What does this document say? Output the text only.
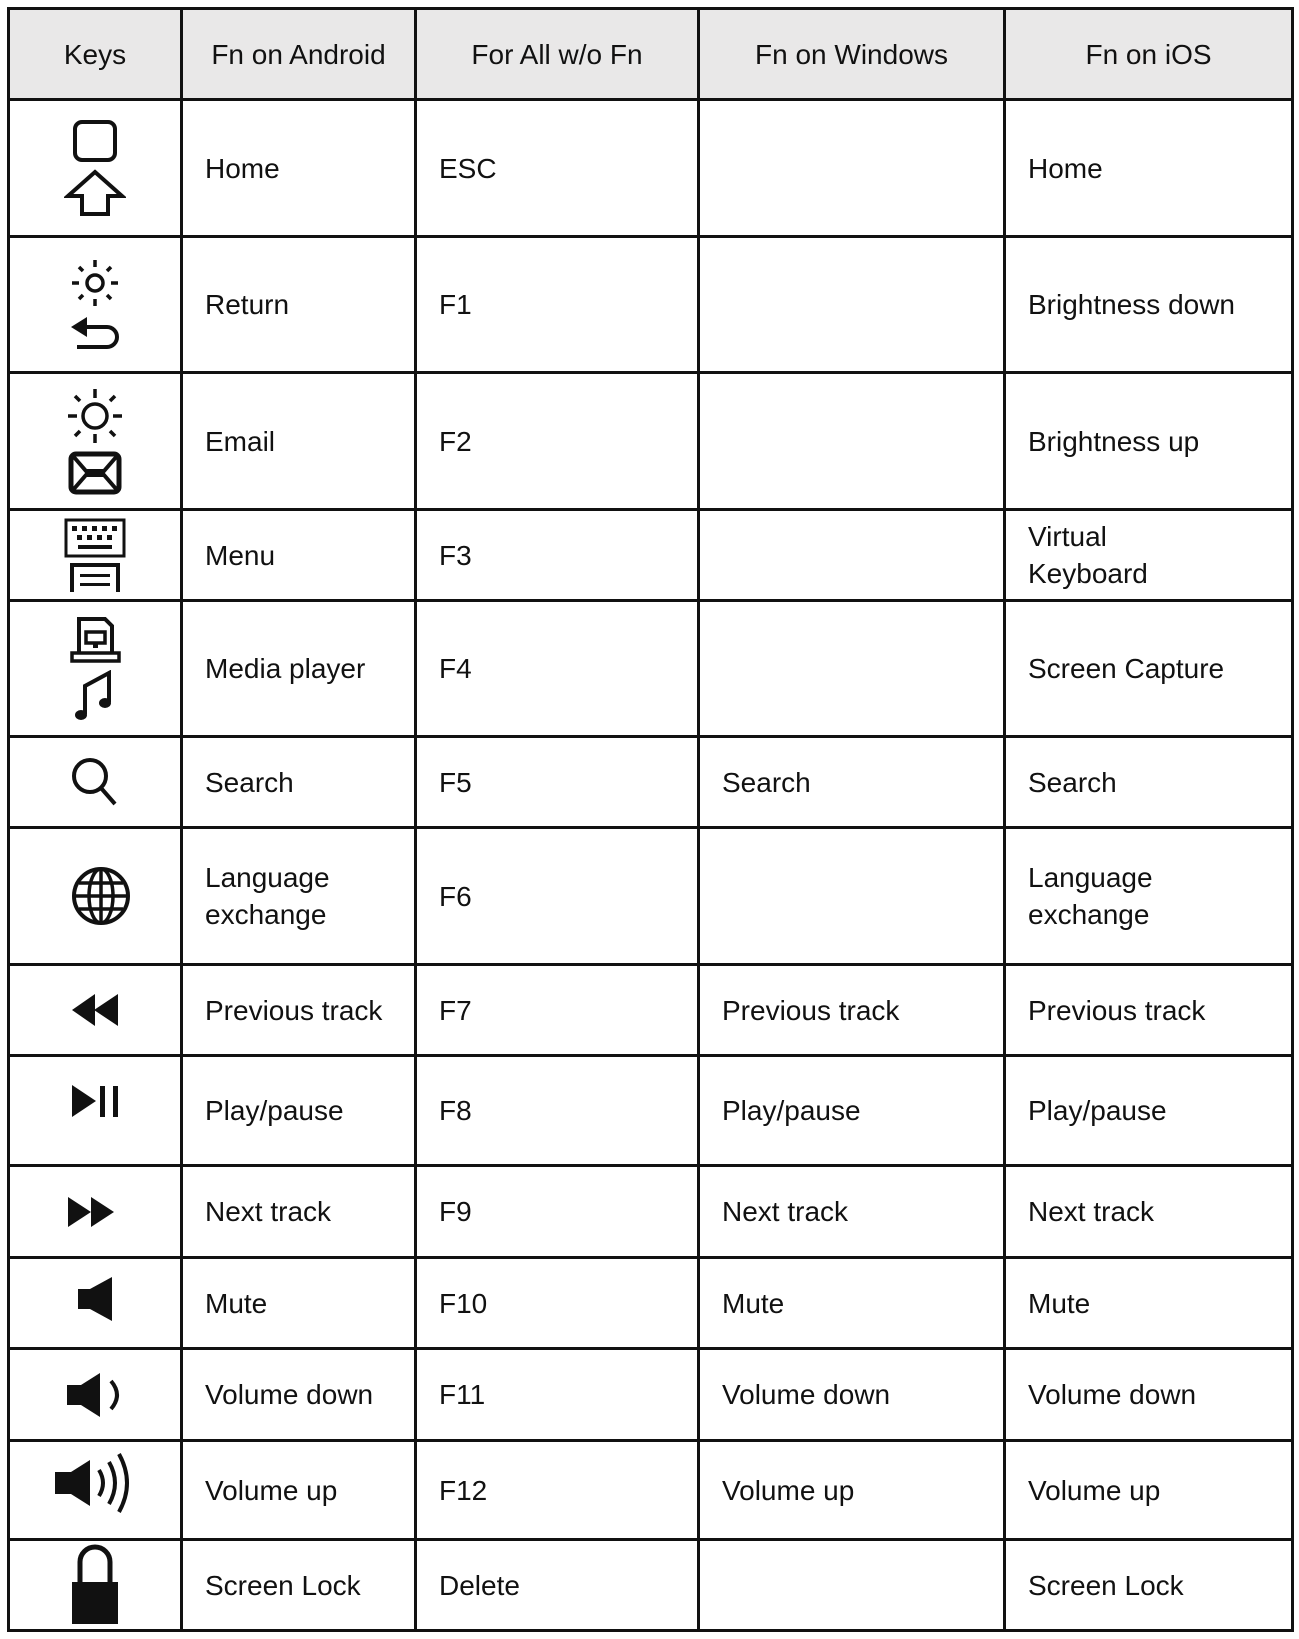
Keys	Fn on Android	For All w/o Fn	Fn on Windows	Fn on iOS

	Home	ESC		Home

	Return	F1		Brightness down

	Email	F2		Brightness up

	Menu	F3		Virtual Keyboard

	Media player	F4		Screen Capture

	Search	F5	Search	Search

	Language exchange	F6		Language exchange

	Previous track	F7	Previous track	Previous track

	Play/pause	F8	Play/pause	Play/pause

	Next track	F9	Next track	Next track

	Mute	F10	Mute	Mute

	Volume down	F11	Volume down	Volume down

	Volume up	F12	Volume up	Volume up

	Screen Lock	Delete		Screen Lock
